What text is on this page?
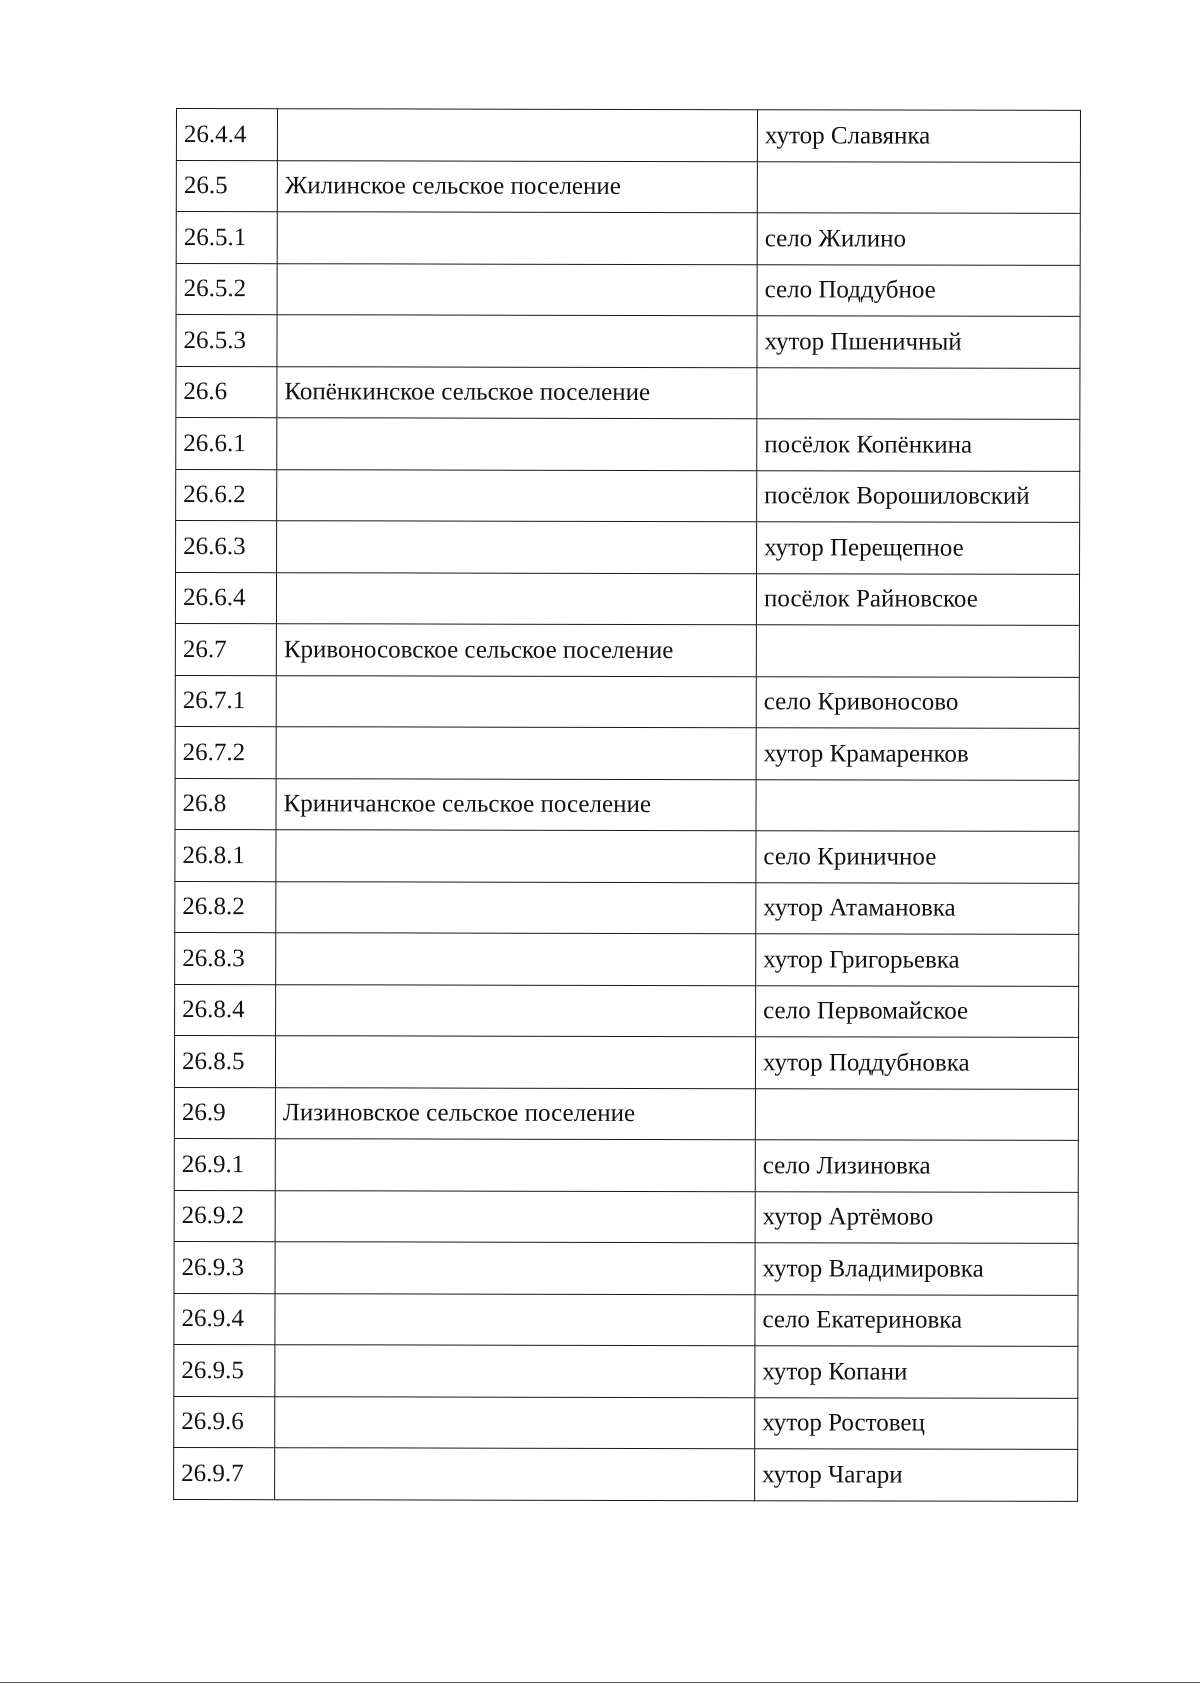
26.4.4		хутор Славянка
26.5	Жилинское сельское поселение	
26.5.1		село Жилино
26.5.2		село Поддубное
26.5.3		хутор Пшеничный
26.6	Копёнкинское сельское поселение	
26.6.1		посёлок Копёнкина
26.6.2		посёлок Ворошиловский
26.6.3		хутор Перещепное
26.6.4		посёлок Райновское
26.7	Кривоносовское сельское поселение	
26.7.1		село Кривоносово
26.7.2		хутор Крамаренков
26.8	Криничанское сельское поселение	
26.8.1		село Криничное
26.8.2		хутор Атамановка
26.8.3		хутор Григорьевка
26.8.4		село Первомайское
26.8.5		хутор Поддубновка
26.9	Лизиновское сельское поселение	
26.9.1		село Лизиновка
26.9.2		хутор Артёмово
26.9.3		хутор Владимировка
26.9.4		село Екатериновка
26.9.5		хутор Копани
26.9.6		хутор Ростовец
26.9.7		хутор Чагари
